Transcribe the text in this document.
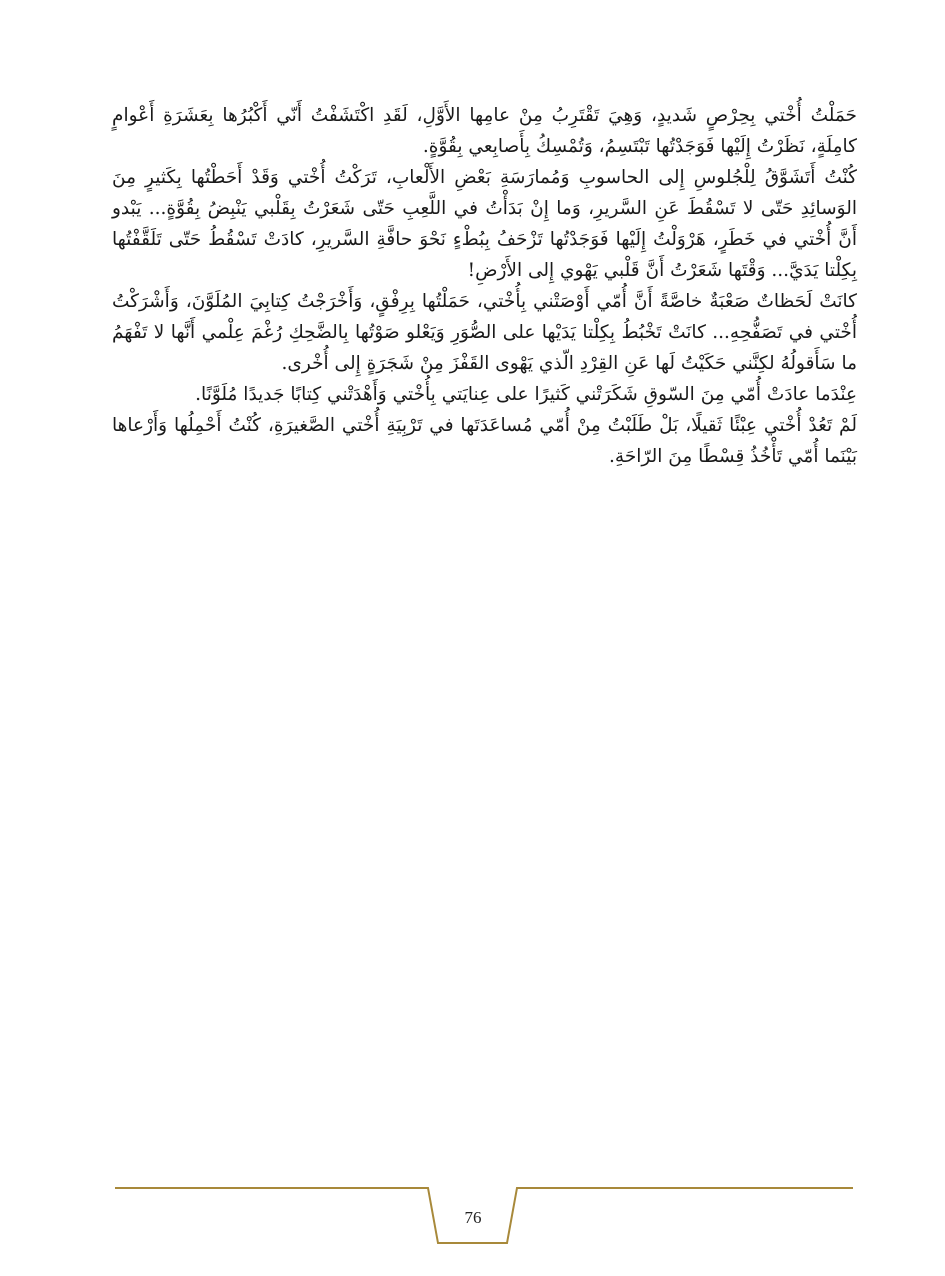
حَمَلْتُ أُخْتي بِحِرْصٍ شَديدٍ، وَهِيَ تَقْتَرِبُ مِنْ عامِها الأَوَّلِ، لَقَدِ اكْتَشَفْتُ أَنّي أَكْبُرُها بِعَشَرَةِ أَعْوامٍ كامِلَةٍ، نَظَرْتُ إِلَيْها فَوَجَدْتُها تَبْتَسِمُ، وَتُمْسِكُ بِأَصابِعي بِقُوَّةٍ.

كُنْتُ أَتَشَوَّقُ لِلْجُلوسِ إِلى الحاسوبِ وَمُمارَسَةِ بَعْضِ الأَلْعابِ، تَرَكْتُ أُخْتي وَقَدْ أَحَطْتُها بِكَثيرٍ مِنَ الوَسائِدِ حَتّى لا تَسْقُطَ عَنِ السَّريرِ، وَما إِنْ بَدَأْتُ في اللَّعِبِ حَتّى شَعَرْتُ بِقَلْبي يَنْبِضُ بِقُوَّةٍ... يَبْدو أَنَّ أُخْتي في خَطَرٍ، هَرْوَلْتُ إِلَيْها فَوَجَدْتُها تَزْحَفُ بِبُطْءٍ نَحْوَ حافَّةِ السَّريرِ، كادَتْ تَسْقُطُ حَتّى تَلَقَّفْتُها بِكِلْتا يَدَيَّ... وَقْتَها شَعَرْتُ أَنَّ قَلْبي يَهْوي إِلى الأَرْضِ!

كانَتْ لَحَظاتٌ صَعْبَةٌ خاصَّةً أَنَّ أُمّي أَوْصَتْني بِأُخْتي، حَمَلْتُها بِرِفْقٍ، وَأَخْرَجْتُ كِتابِيَ المُلَوَّنَ، وَأَشْرَكْتُ أُخْتي في تَصَفُّحِهِ... كانَتْ تَخْبُطُ بِكِلْتا يَدَيْها على الصُّوَرِ وَيَعْلو صَوْتُها بِالضَّحِكِ رُغْمَ عِلْمي أَنَّها لا تَفْهَمُ ما سَأَقولُهُ لكِنَّني حَكَيْتُ لَها عَنِ القِرْدِ الّذي يَهْوى القَفْزَ مِنْ شَجَرَةٍ إِلى أُخْرى.

عِنْدَما عادَتْ أُمّي مِنَ السّوقِ شَكَرَتْني كَثيرًا على عِنايَتي بِأُخْتي وَأَهْدَتْني كِتابًا جَديدًا مُلَوَّنًا.

لَمْ تَعُدْ أُخْتي عِبْئًا ثَقيلًا، بَلْ طَلَبْتُ مِنْ أُمّي مُساعَدَتَها في تَرْبِيَةِ أُخْتي الصَّغيرَةِ، كُنْتُ أَحْمِلُها وَأَرْعاها بَيْنَما أُمّي تَأْخُذُ قِسْطًا مِنَ الرّاحَةِ.

76
